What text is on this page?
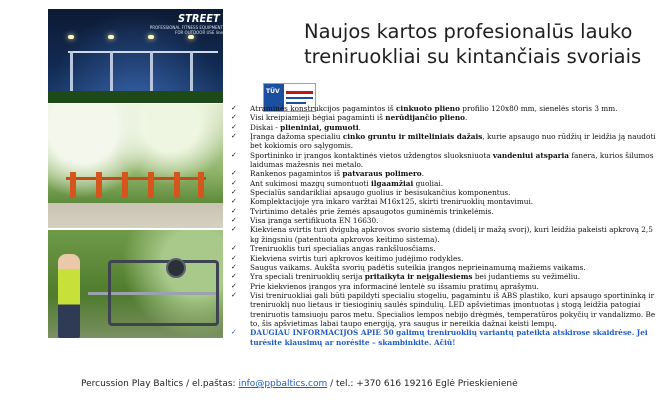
STREET BARBELL
PROFESSIONAL FITNESS EQUIPMENT FOR OUTDOOR USE line	Naujos kartos profesionalūs lauko
treniruokliai su kintančiais svoriais
TÜV
✓ Atraminės konstrukcijos pagamintos iš cinkuoto plieno profilio 120x80 mm, sienelės storis 3 mm.
✓ Visi kreipiamieji bėgiai pagaminti iš nerūdijančio plieno.
✓ Diskai - plieniniai, gumuoti.
✓ Įranga dažoma specialiu cinko gruntu ir milteliniais dažais, kurie apsaugo nuo rūdžių ir leidžia ją naudoti bet kokiomis oro sąlygomis.
✓ Sportininko ir įrangos kontaktinės vietos uždengtos sluoksniuota vandeniui atsparia fanera, kurios šilumos laidumas mažesnis nei metalo.
✓ Rankenos pagamintos iš patvaraus polimero.
✓ Ant sukimosi mazgų sumontuoti ilgaamžiai guoliai.
✓ Specialūs sandarikliai apsaugo guolius ir besisukančius komponentus.
✓ Komplektacijoje yra inkaro varžtai M16x125, skirti treniruoklių montavimui.
✓ Tvirtinimo detalės prie žemės apsaugotos guminėmis trinkelėmis.
✓ Visa įranga sertifikuota EN 16630.
✓ Kiekviena svirtis turi dvigubą apkrovos svorio sistemą (didelį ir mažą svorį), kuri leidžia pakeisti apkrovą 2,5 kg žingsniu (patentuota apkrovos keitimo sistema).
✓ Treniruoklis turi specialias angas rankšluosčiams.
✓ Kiekviena svirtis turi apkrovos keitimo judėjimo rodykles.
✓ Saugus vaikams. Aukšta svorių padėtis suteikia įrangos neprieinamumą mažiems vaikams.
✓ Yra speciali treniruoklių serija pritaikyta ir neįgaliesiems bei judantiems su vežimėliu.
✓ Prie kiekvienos įrangos yra informacinė lentelė su išsamiu pratimų aprašymu.
✓ Visi treniruokliai gali būti papildyti specialiu stogeliu, pagamintu iš ABS plastiko, kuri apsaugo sportininką ir treniruoklį nuo lietaus ir tiesioginių saulės spindulių. LED apšvietimas įmontuotas į stogą leidžia patogiai treniruotis tamsiuoju paros metu. Specialios lempos nebijo drėgmės, temperatūros pokyčių ir vandalizmo. Be to, šis apšvietimas labai taupo energiją, yra saugus ir nereikia dažnai keisti lempų.
✓ DAUGIAU INFORMACIJOS APIE 50 galimų treniruoklių variantų pateikta atskirose skaidrėse. Jei turėsite klausimų ar norėsite – skambinkite. Ačiū!
Percussion Play Baltics / el.paštas: info@ppbaltics.com / tel.: +370 616 19216 Eglė Prieskienienė
